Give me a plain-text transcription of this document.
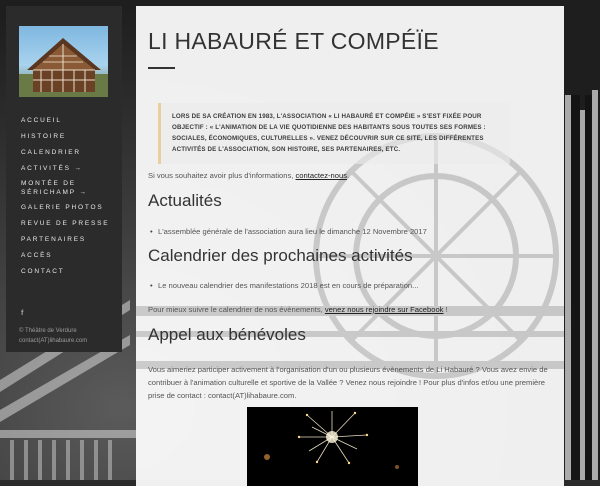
ACCUEIL
HISTOIRE
CALENDRIER
ACTIVITÉS →
MONTÉE DE SÉRICHAMP →
GALERIE PHOTOS
REVUE DE PRESSE
PARTENAIRES
ACCÈS
CONTACT
f
© Théâtre de Verdure
contact(AT)lihabaure.com
LI HABAURÉ ET COMPÉÏE
LORS DE SA CRÉATION EN 1983, L'ASSOCIATION « LI HABAURÉ ET COMPÉIE » S'EST FIXÉE POUR OBJECTIF : « L'ANIMATION DE LA VIE QUOTIDIENNE DES HABITANTS SOUS TOUTES SES FORMES : SOCIALES, ÉCONOMIQUES, CULTURELLES ». VENEZ DÉCOUVRIR SUR CE SITE, LES DIFFÉRENTES ACTIVITÉS DE L'ASSOCIATION, SON HISTOIRE, SES PARTENAIRES, ETC.
Si vous souhaitez avoir plus d'informations, contactez-nous.
Actualités
• L'assemblée générale de l'association aura lieu le dimanche 12 Novembre 2017
Calendrier des prochaines activités
• Le nouveau calendrier des manifestations 2018 est en cours de préparation...
Pour mieux suivre le calendrier de nos évènements, venez nous rejoindre sur Facebook !
Appel aux bénévoles
Vous aimeriez participer activement à l'organisation d'un ou plusieurs évènements de Li Habauré ? Vous avez envie de contribuer à l'animation culturelle et sportive de la Vallée ? Venez nous rejoindre ! Pour plus d'infos et/ou une première prise de contact : contact(AT)lihabaure.com.
